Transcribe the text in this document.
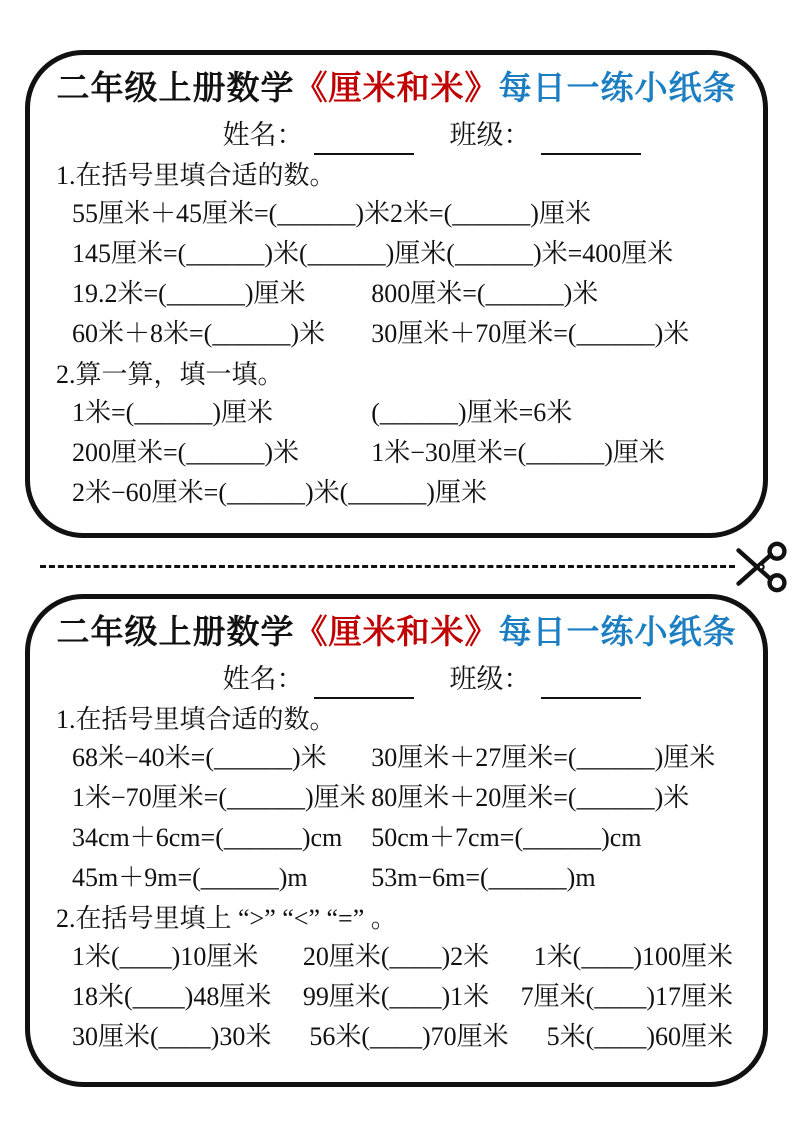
二年级上册数学《厘米和米》每日一练小纸条
姓名：	班级：
1.在括号里填合适的数。
55厘米＋45厘米=(______)米 2米=(______)厘米
145厘米=(______)米(______)厘米 (______)米=400厘米
19.2米=(______)厘米	800厘米=(______)米
60米＋8米=(______)米	30厘米＋70厘米=(______)米
2.算一算，填一填。
1米=(______)厘米	(______)厘米=6米
200厘米=(______)米	1米−30厘米=(______)厘米
2米−60厘米=(______)米(______)厘米
二年级上册数学《厘米和米》每日一练小纸条
姓名：	班级：
1.在括号里填合适的数。
68米−40米=(______)米	30厘米＋27厘米=(______)厘米
1米−70厘米=(______)厘米 80厘米＋20厘米=(______)米
34cm＋6cm=(______)cm	50cm＋7cm=(______)cm
45m＋9m=(______)m	53m−6m=(______)m
2.在括号里填上 “>” “<” “=” 。
1米(____)10厘米 20厘米(____)2米 1米(____)100厘米
18米(____)48厘米 99厘米(____)1米 7厘米(____)17厘米
30厘米(____)30米 56米(____)70厘米 5米(____)60厘米
